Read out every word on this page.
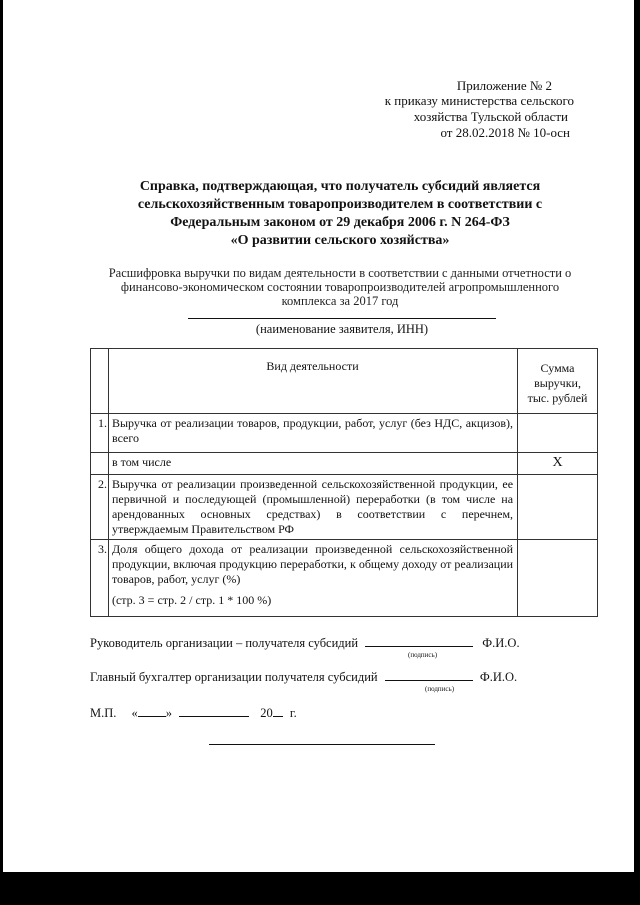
Приложение № 2
к приказу министерства сельского
хозяйства Тульской области
от 28.02.2018 № 10-осн
Справка, подтверждающая, что получатель субсидий является
сельскохозяйственным товаропроизводителем в соответствии с
Федеральным законом от 29 декабря 2006 г. N 264-ФЗ
«О развитии сельского хозяйства»
Расшифровка выручки по видам деятельности в соответствии с данными отчетности о
финансово-экономическом состоянии товаропроизводителей агропромышленного
комплекса за 2017 год
(наименование заявителя, ИНН)
	Вид деятельности	Сумма
выручки,
тыс. рублей

1.	Выручка от реализации товаров, продукции, работ, услуг (без НДС, акцизов), всего	
	в том числе	Х
2.	Выручка от реализации произведенной сельскохозяйственной продукции, ее первичной и последующей (промышленной) переработки (в том числе на арендованных основных средствах) в соответствии с перечнем, утверждаемым Правительством РФ	
3.	Доля общего дохода от реализации произведенной сельскохозяйственной продукции, включая продукцию переработки, к общему доходу от реализации товаров, работ, услуг (%)
(стр. 3 = стр. 2 / стр. 1 * 100 %)	

Руководитель организации – получателя субсидий	Ф.И.О.
(подпись)
Главный бухгалтер организации получателя субсидий	Ф.И.О.
(подпись)
М.П. « »	20 г.
